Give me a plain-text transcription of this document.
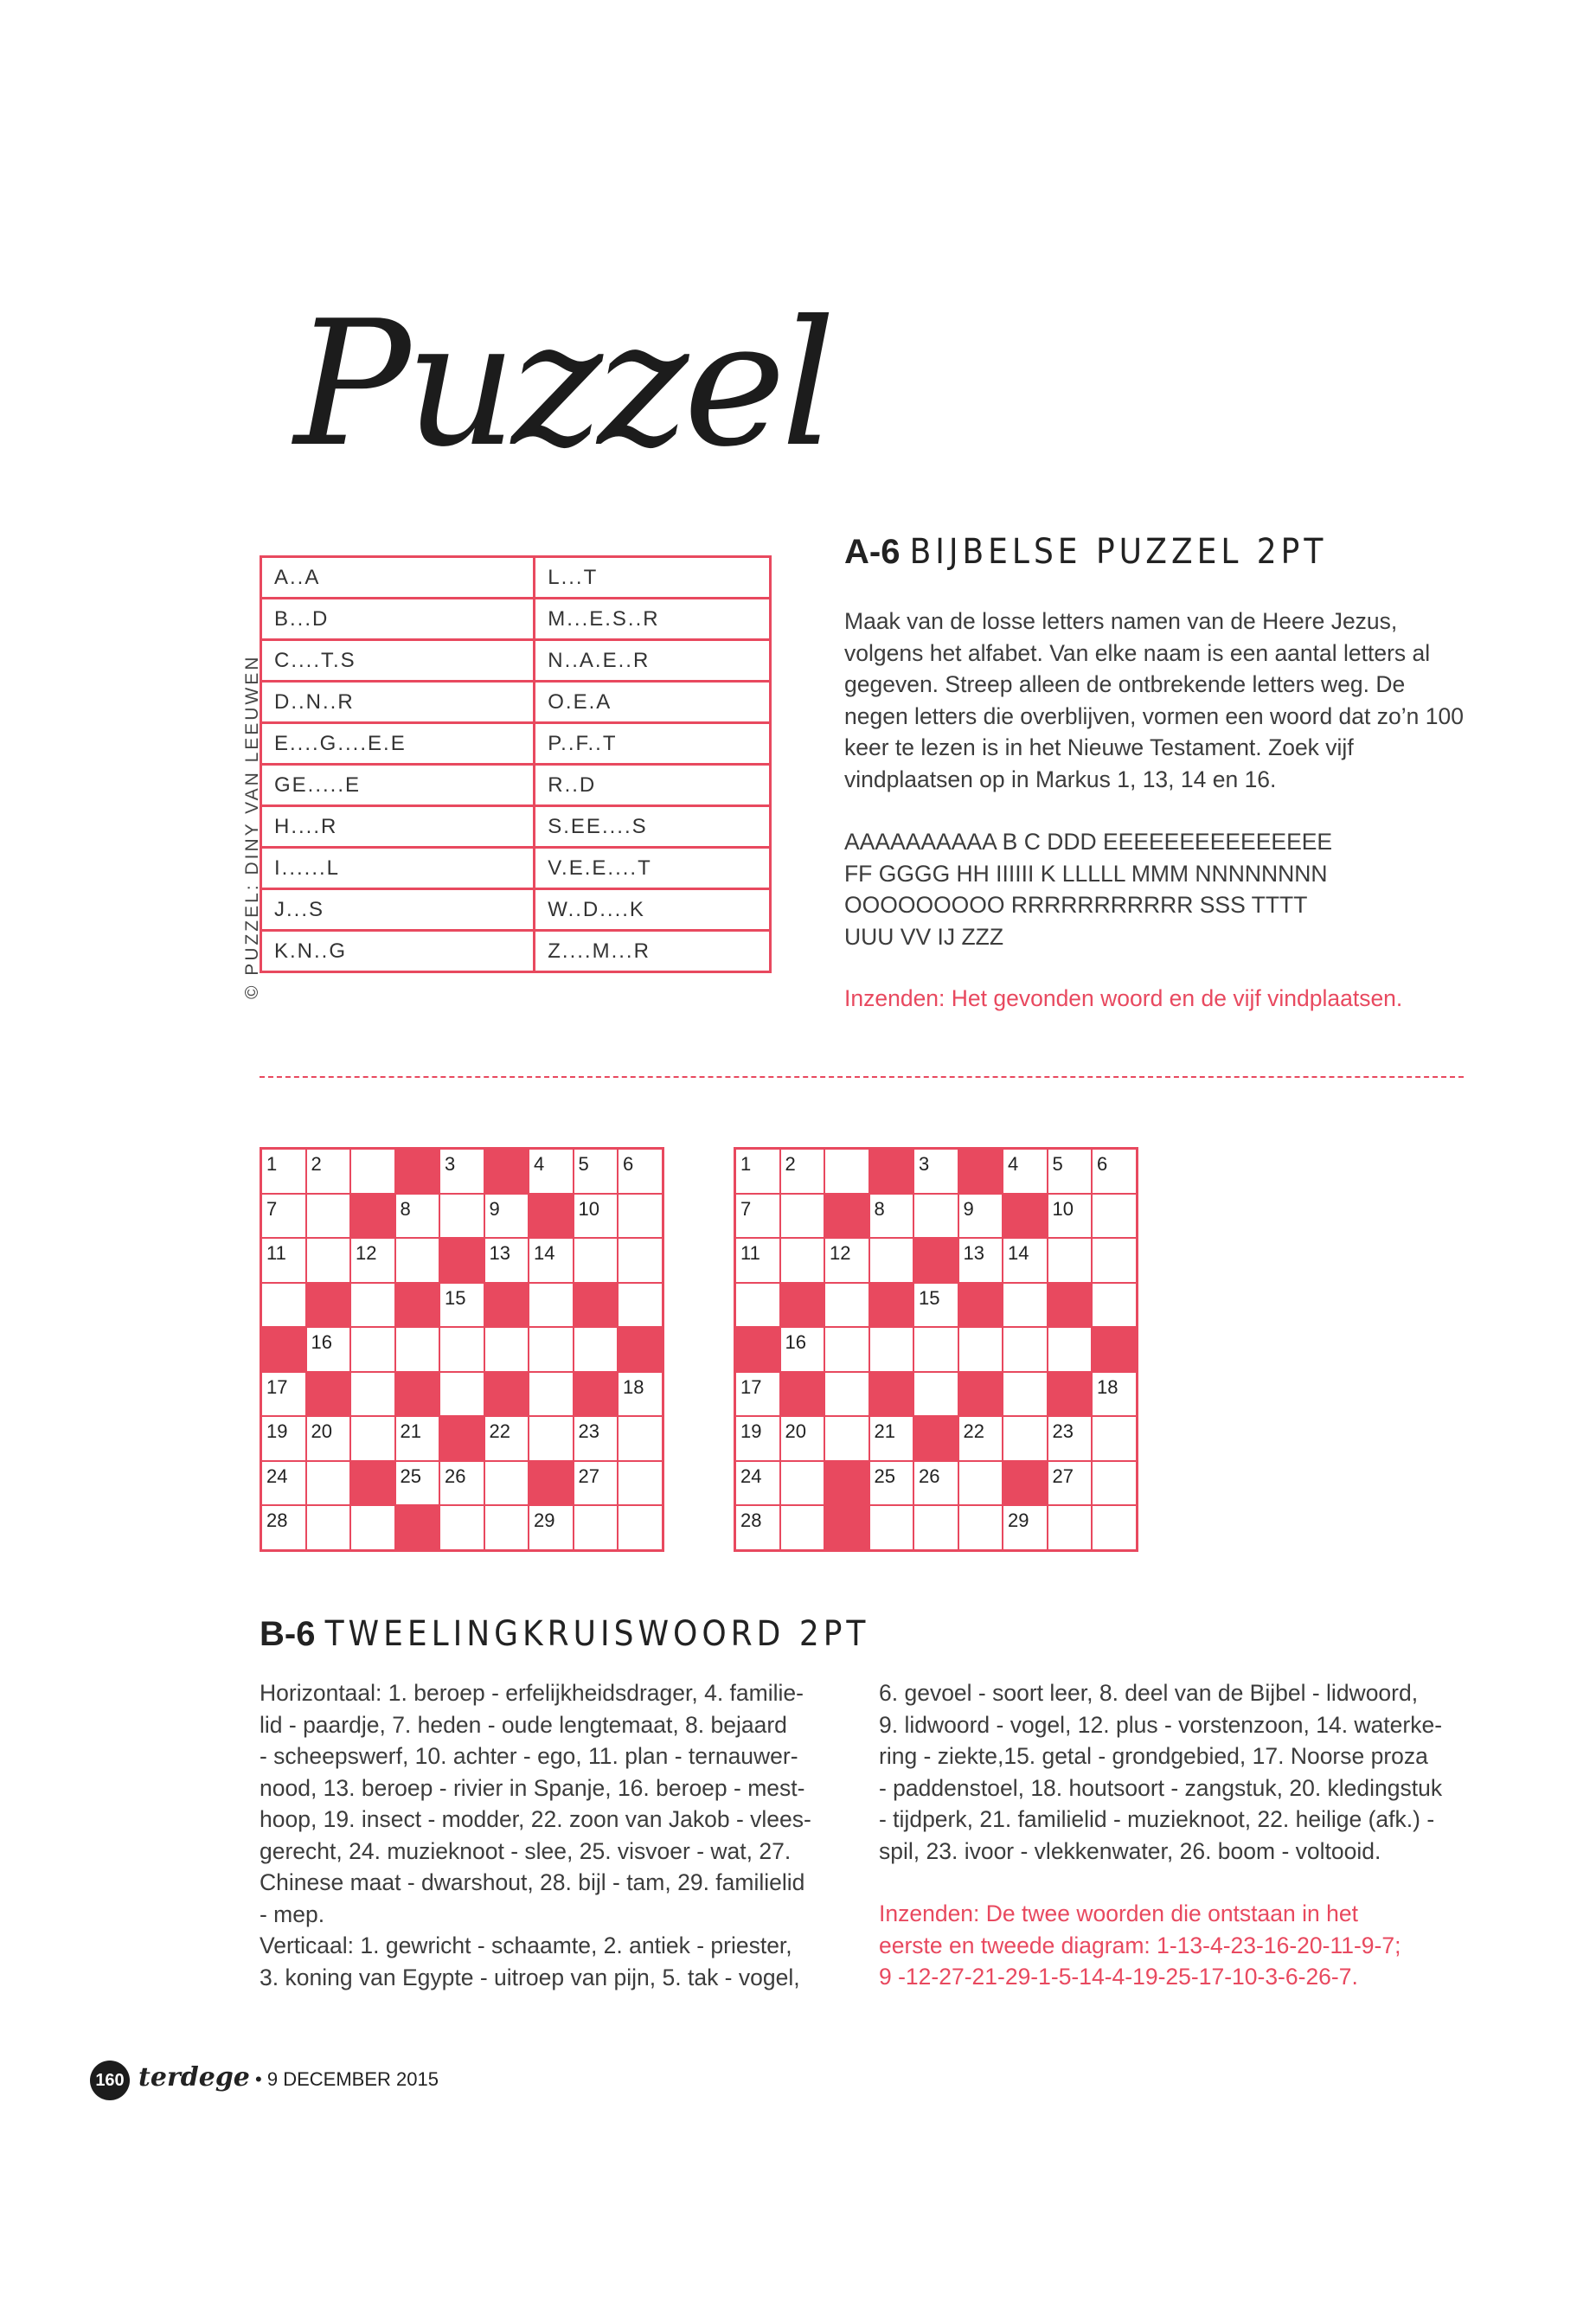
Puzzel
© PUZZEL: DINY VAN LEEUWEN
A..A	L...T
B...D	M...E.S..R
C....T.S	N..A.E..R
D..N..R	O.E.A
E....G....E.E	P..F..T
GE.....E	R..D
H....R	S.EE....S
I......L	V.E.E....T
J...S	W..D....K
K.N..G	Z....M...R
A-6 BIJBELSE PUZZEL 2PT
Maak van de losse letters namen van de Heere Jezus, volgens het alfabet. Van elke naam is een aantal letters al gegeven. Streep alleen de ontbrekende letters weg. De negen letters die overblijven, vormen een woord dat zo’n 100 keer te lezen is in het Nieuwe Testament. Zoek vijf vindplaatsen op in Markus 1, 13, 14 en 16.
AAAAAAAAAA B C DDD EEEEEEEEEEEEEEE
FF GGGG HH IIIIII K LLLLL MMM NNNNNNNN
OOOOOOOOO RRRRRRRRRRR SSS TTTT
UUU VV IJ ZZZ
Inzenden: Het gevonden woord en de vijf vindplaatsen.
1 2	3	4 5 6
7	8	9	10
11	12	13 14
15
16
17	18
19 20	21	22	23
24	25 26	27
28	29
1 2	3	4 5 6
7	8	9	10
11	12	13 14
15
16
17	18
19 20	21	22	23
24	25 26	27
28	29
B-6 TWEELINGKRUISWOORD 2PT
Horizontaal: 1. beroep - erfelijkheidsdrager, 4. familie-
lid - paardje, 7. heden - oude lengtemaat, 8. bejaard
- scheepswerf, 10. achter - ego, 11. plan - ternauwer-
nood, 13. beroep - rivier in Spanje, 16. beroep - mest-
hoop, 19. insect - modder, 22. zoon van Jakob - vlees-
gerecht, 24. muzieknoot - slee, 25. visvoer - wat, 27.
Chinese maat - dwarshout, 28. bijl - tam, 29. familielid
- mep.
Verticaal: 1. gewricht - schaamte, 2. antiek - priester,
3. koning van Egypte - uitroep van pijn, 5. tak - vogel,
6. gevoel - soort leer, 8. deel van de Bijbel - lidwoord,
9. lidwoord - vogel, 12. plus - vorstenzoon, 14. waterke-
ring - ziekte,15. getal - grondgebied, 17. Noorse proza
- paddenstoel, 18. houtsoort - zangstuk, 20. kledingstuk
- tijdperk, 21. familielid - muzieknoot, 22. heilige (afk.) -
spil, 23. ivoor - vlekkenwater, 26. boom - voltooid.
Inzenden: De twee woorden die ontstaan in het
eerste en tweede diagram: 1-13-4-23-16-20-11-9-7;
9 -12-27-21-29-1-5-14-4-19-25-17-10-3-6-26-7.
160 terdege • 9 DECEMBER 2015
